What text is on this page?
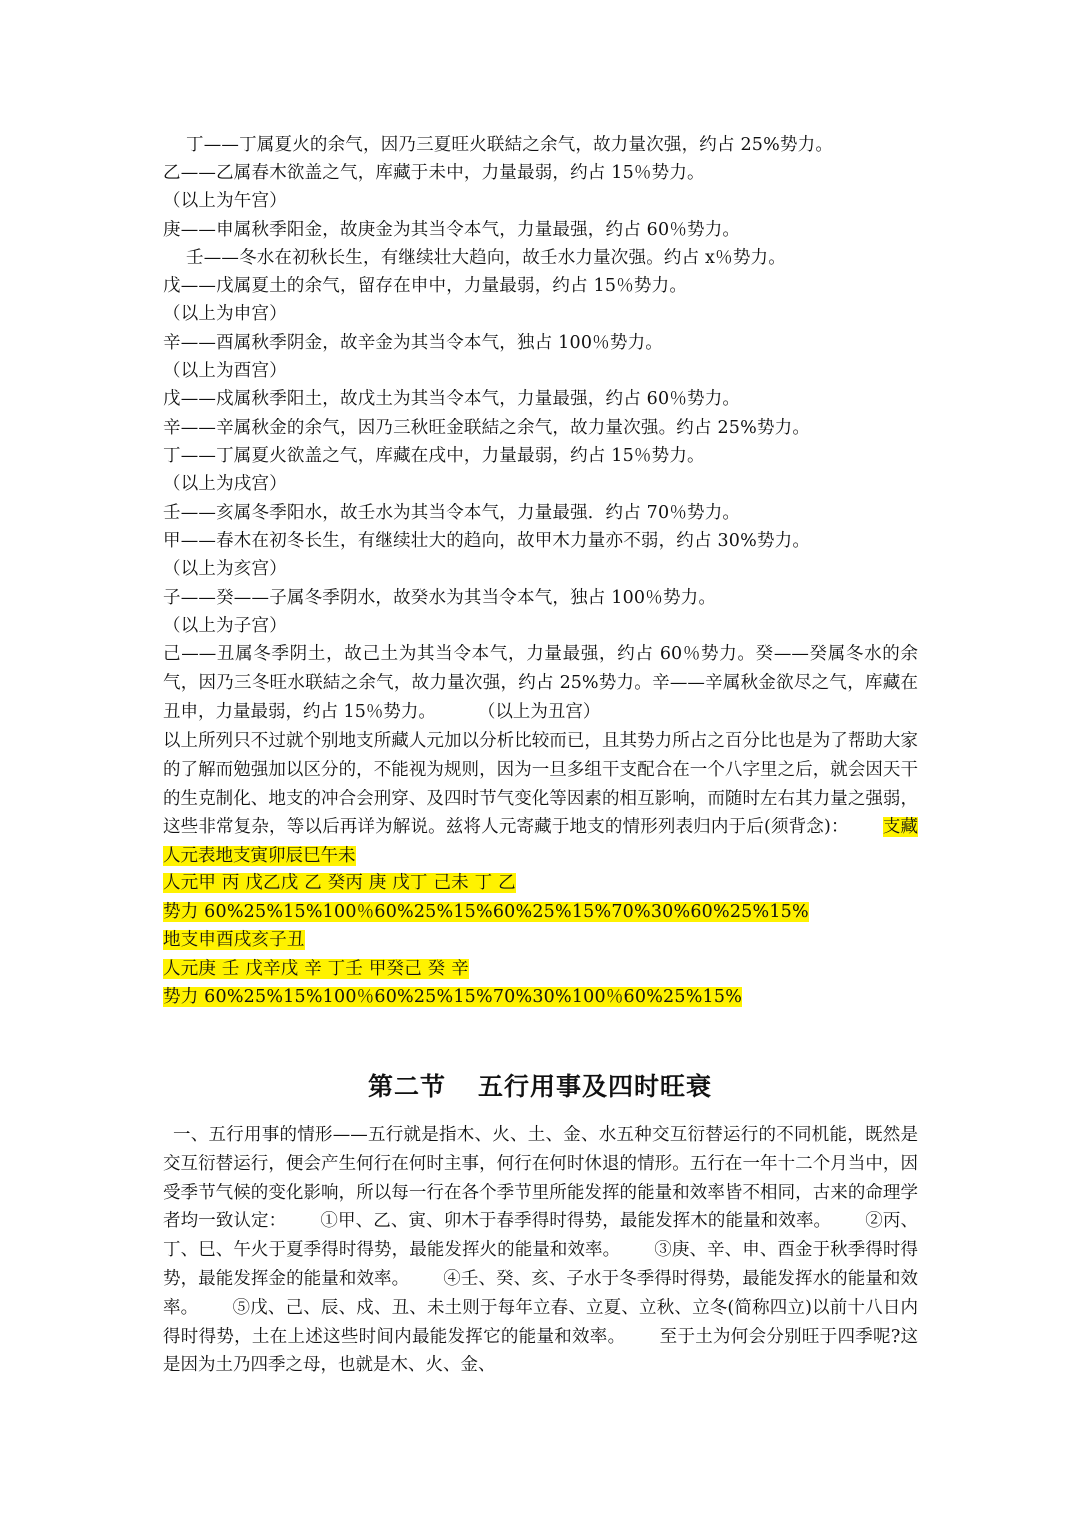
丁——丁属夏火的余气，因乃三夏旺火联結之余气，故力量次强，约占 25%势力。
乙——乙属春木欲盖之气，库藏于未中，力量最弱，约占 15％势力。
（以上为午宫）
庚——申属秋季阳金，故庚金为其当令本气，力量最强，约占 60％势力。
壬——冬水在初秋长生，有继续壮大趋向，故壬水力量次强。约占 x％势力。
戊——戊属夏土的余气，留存在申中，力量最弱，约占 15％势力。
（以上为申宫）
辛——酉属秋季阴金，故辛金为其当令本气，独占 100％势力。
（以上为酉宫）
戊——戍属秋季阳土，故戊土为其当令本气，力量最强，约占 60％势力。
辛——辛属秋金的余气，因乃三秋旺金联結之余气，故力量次强。约占 25%势力。
丁——丁属夏火欲盖之气，库藏在戌中，力量最弱，约占 15％势力。
（以上为戌宫）
壬——亥属冬季阳水，故壬水为其当令本气，力量最强．约占 70％势力。
甲——春木在初冬长生，有继续壮大的趋向，故甲木力量亦不弱，约占 30%势力。
（以上为亥宫）
子——癸——子属冬季阴水，故癸水为其当令本气，独占 100％势力。
（以上为子宫）
己——丑属冬季阴土，故己土为其当令本气，力量最强，约占 60％势力。癸——癸属冬水的余气，因乃三冬旺水联結之余气，故力量次强，约占 25%势力。辛——辛属秋金欲尽之气，库藏在丑申，力量最弱，约占 15％势力。 （以上为丑宫）
以上所列只不过就个别地支所藏人元加以分析比较而已，且其势力所占之百分比也是为了帮助大家的了解而勉强加以区分的，不能视为规则，因为一旦多组干支配合在一个八字里之后，就会因天干的生克制化、地支的冲合会刑穿、及四时节气变化等因素的相互影响，而随时左右其力量之强弱，这些非常复杂，等以后再详为解说。兹将人元寄藏于地支的情形列表归内于后(须背念)： 支藏人元表地支寅卯辰巳午未
人元甲 丙 戊乙戊 乙 癸丙 庚 戊丁 己未 丁 乙
势力 60%25%15%100％60%25%15%60%25%15%70%30%60%25%15%
地支申酉戌亥子丑
人元庚 壬 戊辛戊 辛 丁壬 甲癸己 癸 辛
势力 60%25%15%100％60%25%15%70%30%100％60%25%15%
第二节 五行用事及四时旺衰
一、五行用事的情形——五行就是指木、火、土、金、水五种交互衍替运行的不同机能，既然是交互衍替运行，便会产生何行在何时主事，何行在何时休退的情形。五行在一年十二个月当中，因受季节气候的变化影响，所以每一行在各个季节里所能发挥的能量和效率皆不相同，古来的命理学者均一致认定： ①甲、乙、寅、卯木于春季得时得势，最能发挥木的能量和效率。 ②丙、丁、巳、午火于夏季得时得势，最能发挥火的能量和效率。 ③庚、辛、申、酉金于秋季得时得势，最能发挥金的能量和效率。 ④壬、癸、亥、子水于冬季得时得势，最能发挥水的能量和效率。 ⑤戊、己、辰、戍、丑、未土则于每年立春、立夏、立秋、立冬(简称四立)以前十八日内得时得势，土在上述这些时间内最能发挥它的能量和效率。 至于土为何会分别旺于四季呢?这是因为土乃四季之母，也就是木、火、金、
